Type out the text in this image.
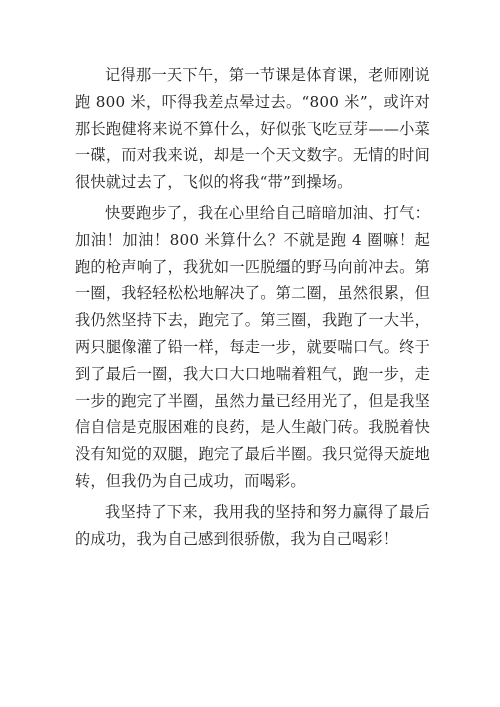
记得那一天下午，第一节课是体育课，老师刚说跑 800 米，吓得我差点晕过去。“800 米”，或许对那长跑健将来说不算什么，好似张飞吃豆芽——小菜一碟，而对我来说，却是一个天文数字。无情的时间很快就过去了，飞似的将我“带”到操场。

快要跑步了，我在心里给自己暗暗加油、打气：加油！加油！800 米算什么？不就是跑 4 圈嘛！起跑的枪声响了，我犹如一匹脱缰的野马向前冲去。第一圈，我轻轻松松地解决了。第二圈，虽然很累，但我仍然坚持下去，跑完了。第三圈，我跑了一大半，两只腿像灌了铅一样，每走一步，就要喘口气。终于到了最后一圈，我大口大口地喘着粗气，跑一步，走一步的跑完了半圈，虽然力量已经用光了，但是我坚信自信是克服困难的良药，是人生敲门砖。我脱着快没有知觉的双腿，跑完了最后半圈。我只觉得天旋地转，但我仍为自己成功，而喝彩。

我坚持了下来，我用我的坚持和努力赢得了最后的成功，我为自己感到很骄傲，我为自己喝彩！
